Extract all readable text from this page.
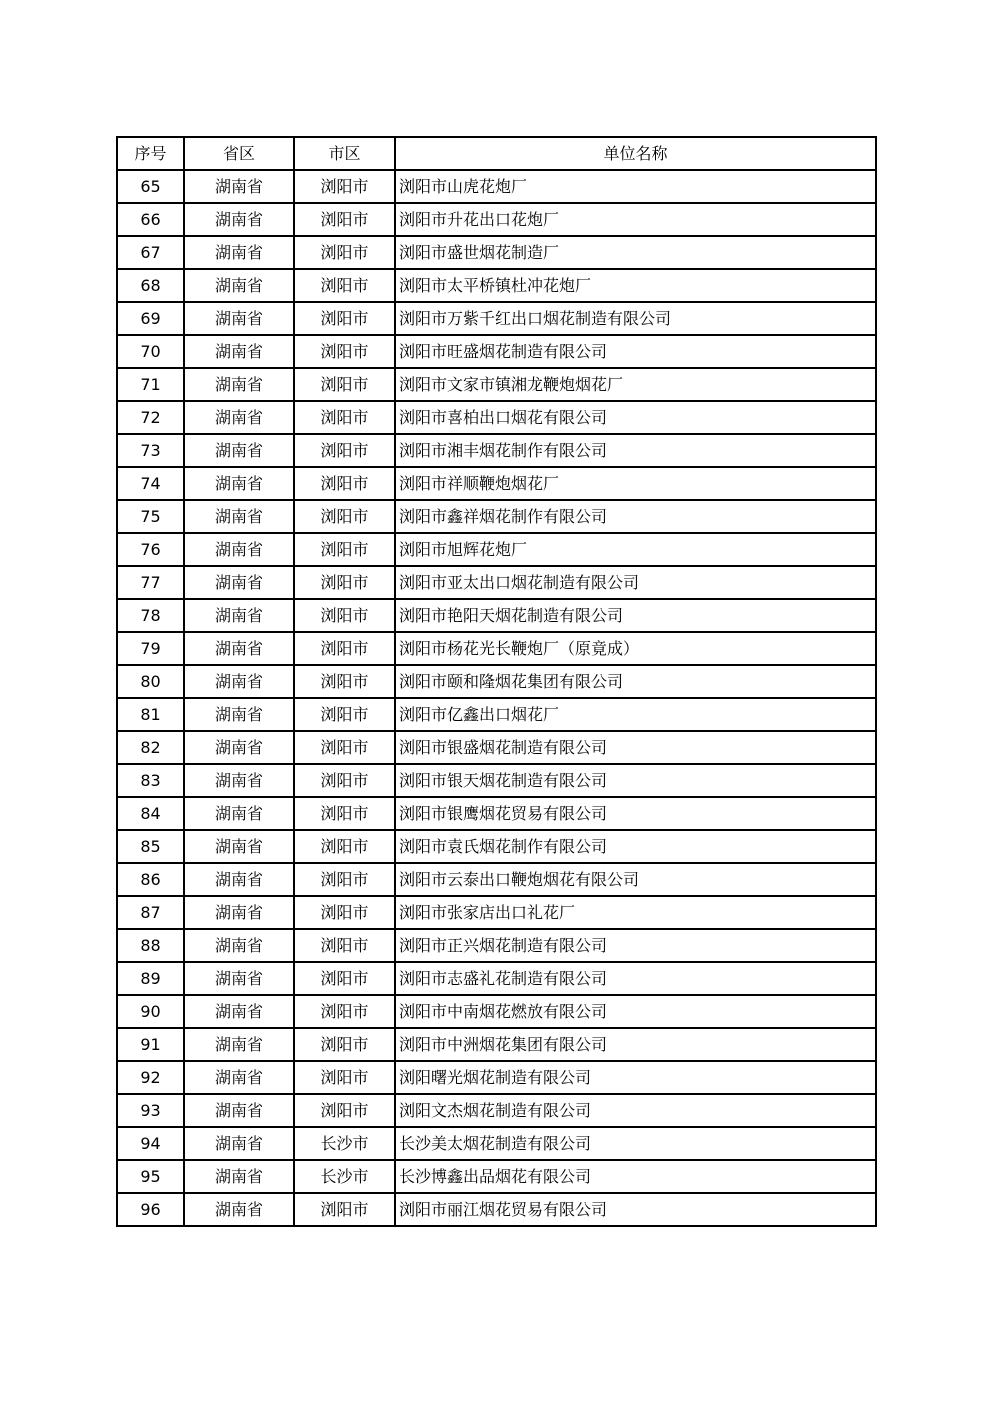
序号	省区	市区	单位名称
65	湖南省	浏阳市	浏阳市山虎花炮厂
66	湖南省	浏阳市	浏阳市升花出口花炮厂
67	湖南省	浏阳市	浏阳市盛世烟花制造厂
68	湖南省	浏阳市	浏阳市太平桥镇杜冲花炮厂
69	湖南省	浏阳市	浏阳市万紫千红出口烟花制造有限公司
70	湖南省	浏阳市	浏阳市旺盛烟花制造有限公司
71	湖南省	浏阳市	浏阳市文家市镇湘龙鞭炮烟花厂
72	湖南省	浏阳市	浏阳市喜柏出口烟花有限公司
73	湖南省	浏阳市	浏阳市湘丰烟花制作有限公司
74	湖南省	浏阳市	浏阳市祥顺鞭炮烟花厂
75	湖南省	浏阳市	浏阳市鑫祥烟花制作有限公司
76	湖南省	浏阳市	浏阳市旭辉花炮厂
77	湖南省	浏阳市	浏阳市亚太出口烟花制造有限公司
78	湖南省	浏阳市	浏阳市艳阳天烟花制造有限公司
79	湖南省	浏阳市	浏阳市杨花光长鞭炮厂（原竟成）
80	湖南省	浏阳市	浏阳市颐和隆烟花集团有限公司
81	湖南省	浏阳市	浏阳市亿鑫出口烟花厂
82	湖南省	浏阳市	浏阳市银盛烟花制造有限公司
83	湖南省	浏阳市	浏阳市银天烟花制造有限公司
84	湖南省	浏阳市	浏阳市银鹰烟花贸易有限公司
85	湖南省	浏阳市	浏阳市袁氏烟花制作有限公司
86	湖南省	浏阳市	浏阳市云泰出口鞭炮烟花有限公司
87	湖南省	浏阳市	浏阳市张家店出口礼花厂
88	湖南省	浏阳市	浏阳市正兴烟花制造有限公司
89	湖南省	浏阳市	浏阳市志盛礼花制造有限公司
90	湖南省	浏阳市	浏阳市中南烟花燃放有限公司
91	湖南省	浏阳市	浏阳市中洲烟花集团有限公司
92	湖南省	浏阳市	浏阳曙光烟花制造有限公司
93	湖南省	浏阳市	浏阳文杰烟花制造有限公司
94	湖南省	长沙市	长沙美太烟花制造有限公司
95	湖南省	长沙市	长沙博鑫出品烟花有限公司
96	湖南省	浏阳市	浏阳市丽江烟花贸易有限公司
